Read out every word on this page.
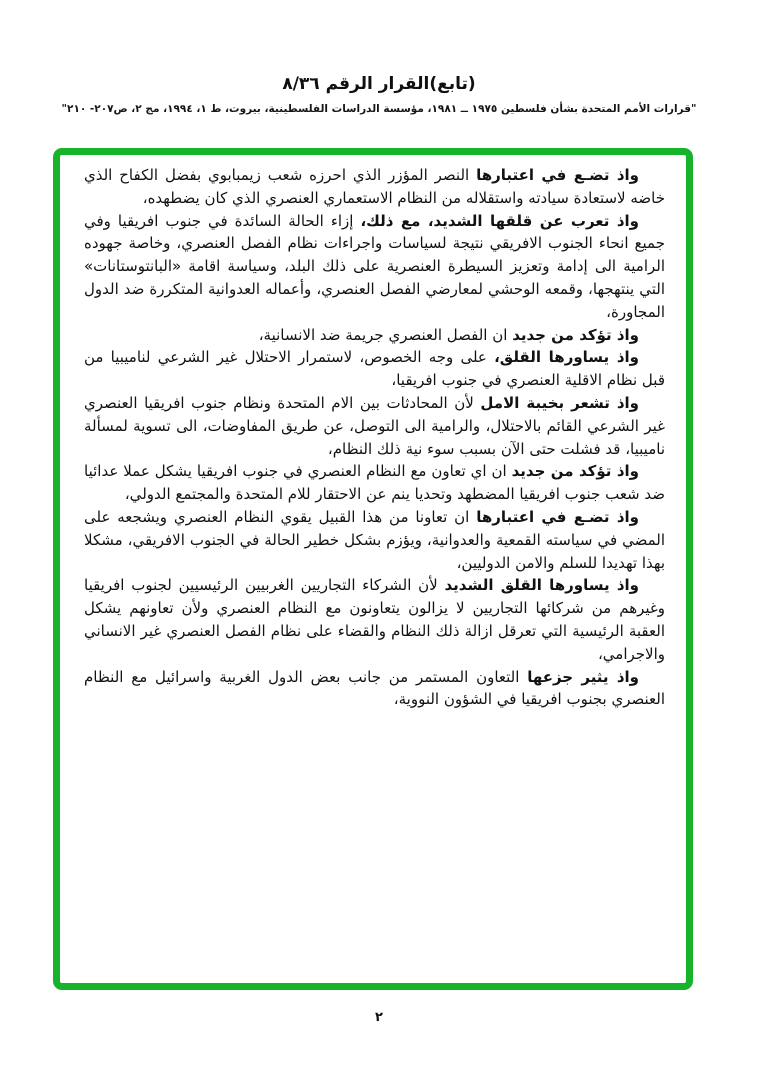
(تابع)القرار الرقم ٨/٣٦
"قرارات الأمم المتحدة بشأن فلسطين ١٩٧٥ ــ ١٩٨١، مؤسسة الدراسات الفلسطينية، بيروت، ط ١، ١٩٩٤، مج ٢، ص٢٠٧- ٢١٠"

واذ تضـع في اعتبارها النصر المؤزر الذي احرزه شعب زيمبابوي بفضل الكفاح الذي خاضه لاستعادة سيادته واستقلاله من النظام الاستعماري العنصري الذي كان يضطهده،

واذ تعرب عن قلقها الشديد، مع ذلك، إزاء الحالة السائدة في جنوب افريقيا وفي جميع انحاء الجنوب الافريقي نتيجة لسياسات واجراءات نظام الفصل العنصري، وخاصة جهوده الرامية الى إدامة وتعزيز السيطرة العنصرية على ذلك البلد، وسياسة اقامة «البانتوستانات» التي ينتهجها، وقمعه الوحشي لمعارضي الفصل العنصري، وأعماله العدوانية المتكررة ضد الدول المجاورة،

واذ تؤكد من جديد ان الفصل العنصري جريمة ضد الانسانية،

واذ يساورها القلق، على وجه الخصوص، لاستمرار الاحتلال غير الشرعي لناميبيا من قبل نظام الاقلية العنصري في جنوب افريقيا،

واذ تشعر بخيبة الامل لأن المحادثات بين الام المتحدة ونظام جنوب افريقيا العنصري غير الشرعي القائم بالاحتلال، والرامية الى التوصل، عن طريق المفاوضات، الى تسوية لمسألة ناميبيا، قد فشلت حتى الآن بسبب سوء نية ذلك النظام،

واذ تؤكد من جديد ان اي تعاون مع النظام العنصري في جنوب افريقيا يشكل عملا عدائيا ضد شعب جنوب افريقيا المضطهد وتحديا ينم عن الاحتقار للام المتحدة والمجتمع الدولي،

واذ تضـع في اعتبارها ان تعاونا من هذا القبيل يقوي النظام العنصري ويشجعه على المضي في سياسته القمعية والعدوانية، ويؤزم بشكل خطير الحالة في الجنوب الافريقي، مشكلا بهذا تهديدا للسلم والامن الدوليين،

واذ يساورها القلق الشديد لأن الشركاء التجاريين الغربيين الرئيسيين لجنوب افريقيا وغيرهم من شركائها التجاريين لا يزالون يتعاونون مع النظام العنصري ولأن تعاونهم يشكل العقبة الرئيسية التي تعرقل ازالة ذلك النظام والقضاء على نظام الفصل العنصري غير الانساني والاجرامي،

واذ يثير جزعها التعاون المستمر من جانب بعض الدول الغربية واسرائيل مع النظام العنصري بجنوب افريقيا في الشؤون النووية،

٢
